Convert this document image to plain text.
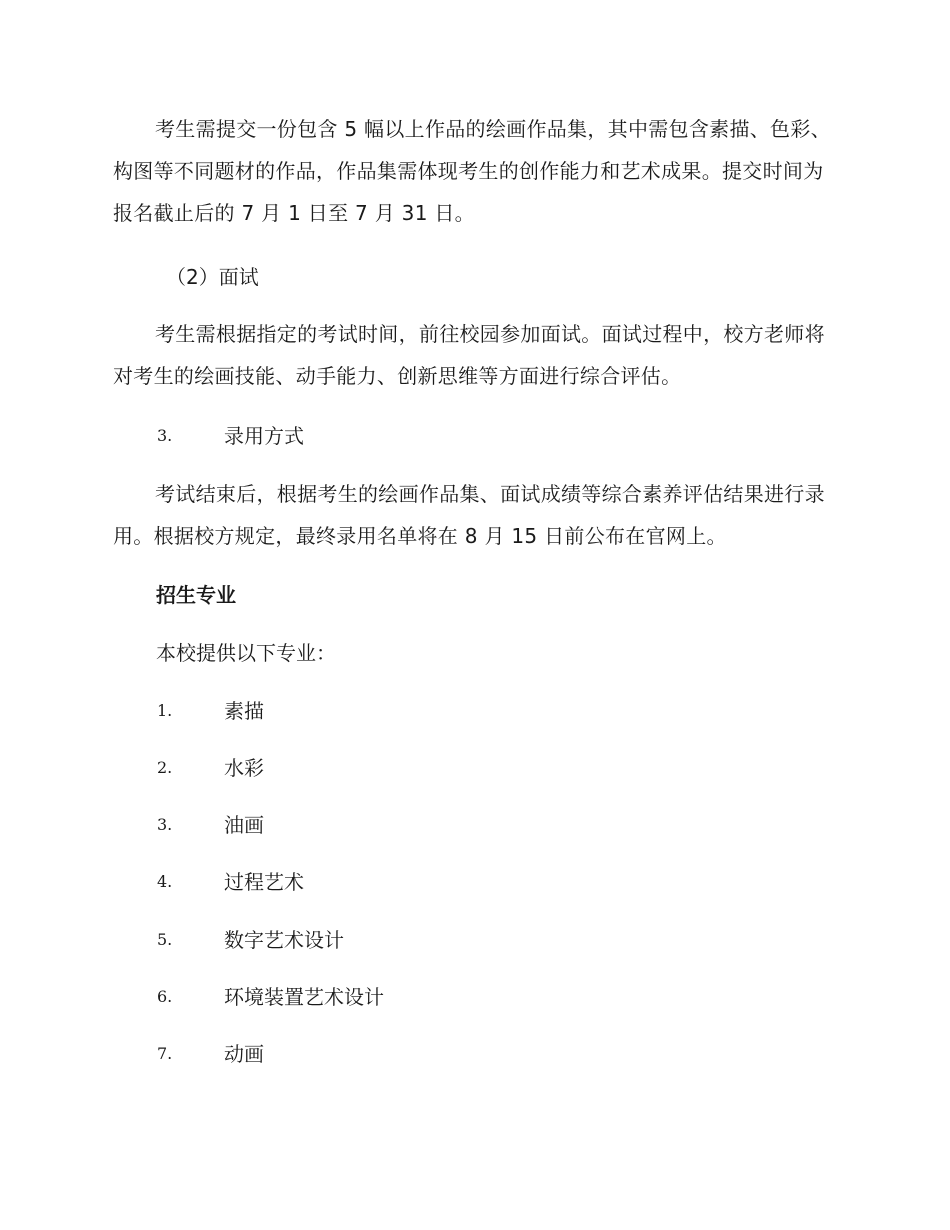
考生需提交一份包含 5 幅以上作品的绘画作品集，其中需包含素描、色彩、构图等不同题材的作品，作品集需体现考生的创作能力和艺术成果。提交时间为报名截止后的 7 月 1 日至 7 月 31 日。

（2）面试

考生需根据指定的考试时间，前往校园参加面试。面试过程中，校方老师将对考生的绘画技能、动手能力、创新思维等方面进行综合评估。

3.	录用方式

考试结束后，根据考生的绘画作品集、面试成绩等综合素养评估结果进行录用。根据校方规定，最终录用名单将在 8 月 15 日前公布在官网上。

招生专业

本校提供以下专业：

1.	素描
2.	水彩
3.	油画
4.	过程艺术
5.	数字艺术设计
6.	环境装置艺术设计
7.	动画
